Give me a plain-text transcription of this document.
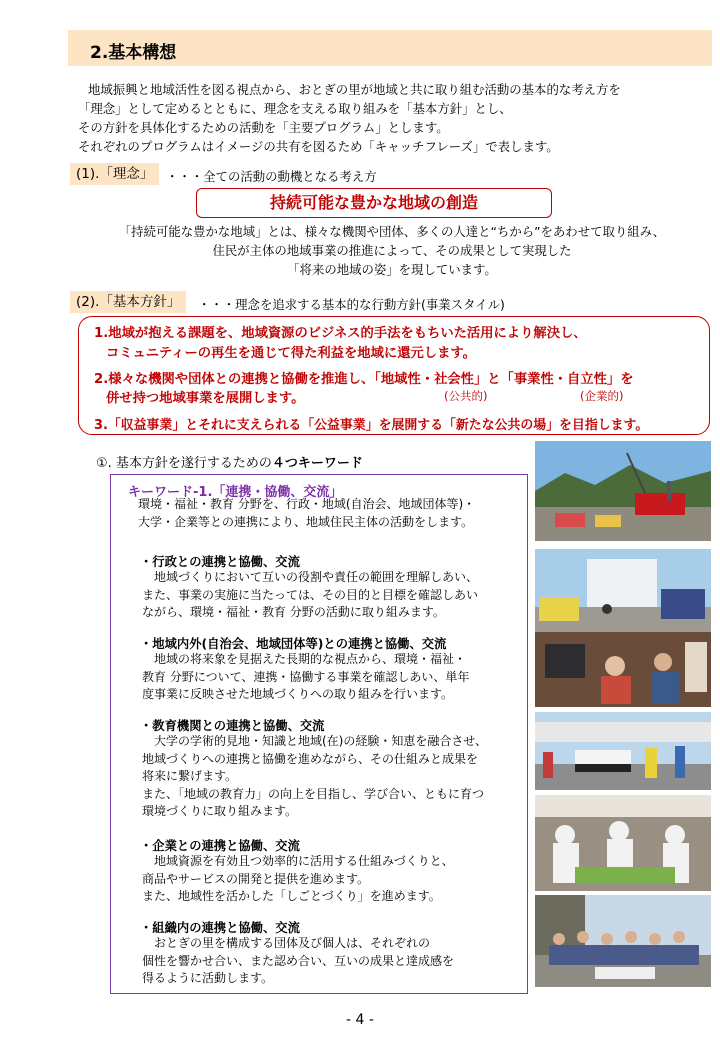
2.基本構想
地域振興と地域活性を図る視点から、おとぎの里が地域と共に取り組む活動の基本的な考え方を
「理念」として定めるとともに、理念を支える取り組みを「基本方針」とし、
その方針を具体化するための活動を「主要プログラム」とします。
それぞれのプログラムはイメージの共有を図るため「キャッチフレーズ」で表します。
(1).「理念」	・・・全ての活動の動機となる考え方
持続可能な豊かな地域の創造
「持続可能な豊かな地域」とは、様々な機関や団体、多くの人達と“ちから”をあわせて取り組み、
住民が主体の地域事業の推進によって、その成果として実現した
「将来の地域の姿」を現しています。
(2).「基本方針」	・・・理念を追求する基本的な行動方針(事業スタイル)
1.地域が抱える課題を、地域資源のビジネス的手法をもちいた活用により解決し、
コミュニティーの再生を通じて得た利益を地域に還元します。
2.様々な機関や団体との連携と協働を推進し、「地域性・社会性」と「事業性・自立性」を
併せ持つ地域事業を展開します。	(公共的)	(企業的)
3.「収益事業」とそれに支えられる「公益事業」を展開する「新たな公共の場」を目指します。
①. 基本方針を遂行するための４つキーワード
キーワード-1.「連携・協働、交流」
環境・福祉・教育 分野を、行政・地域(自治会、地域団体等)・
大学・企業等との連携により、地域住民主体の活動をします。
・行政との連携と協働、交流
地域づくりにおいて互いの役割や責任の範囲を理解しあい、
また、事業の実施に当たっては、その目的と目標を確認しあい
ながら、環境・福祉・教育 分野の活動に取り組みます。
・地域内外(自治会、地域団体等)との連携と協働、交流
地域の将来象を見据えた長期的な視点から、環境・福祉・
教育 分野について、連携・協働する事業を確認しあい、単年
度事業に反映させた地域づくりへの取り組みを行います。
・教育機関との連携と協働、交流
大学の学術的見地・知識と地域(在)の経験・知恵を融合させ、
地域づくりへの連携と協働を進めながら、その仕組みと成果を
将来に繋げます。
また、「地域の教育力」の向上を目指し、学び合い、ともに育つ
環境づくりに取り組みます。
・企業との連携と協働、交流
地域資源を有効且つ効率的に活用する仕組みづくりと、
商品やサービスの開発と提供を進めます。
また、地域性を活かした「しごとづくり」を進めます。
・組織内の連携と協働、交流
おとぎの里を構成する団体及び個人は、それぞれの
個性を響かせ合い、また認め合い、互いの成果と達成感を
得るように活動します。
- 4 -
